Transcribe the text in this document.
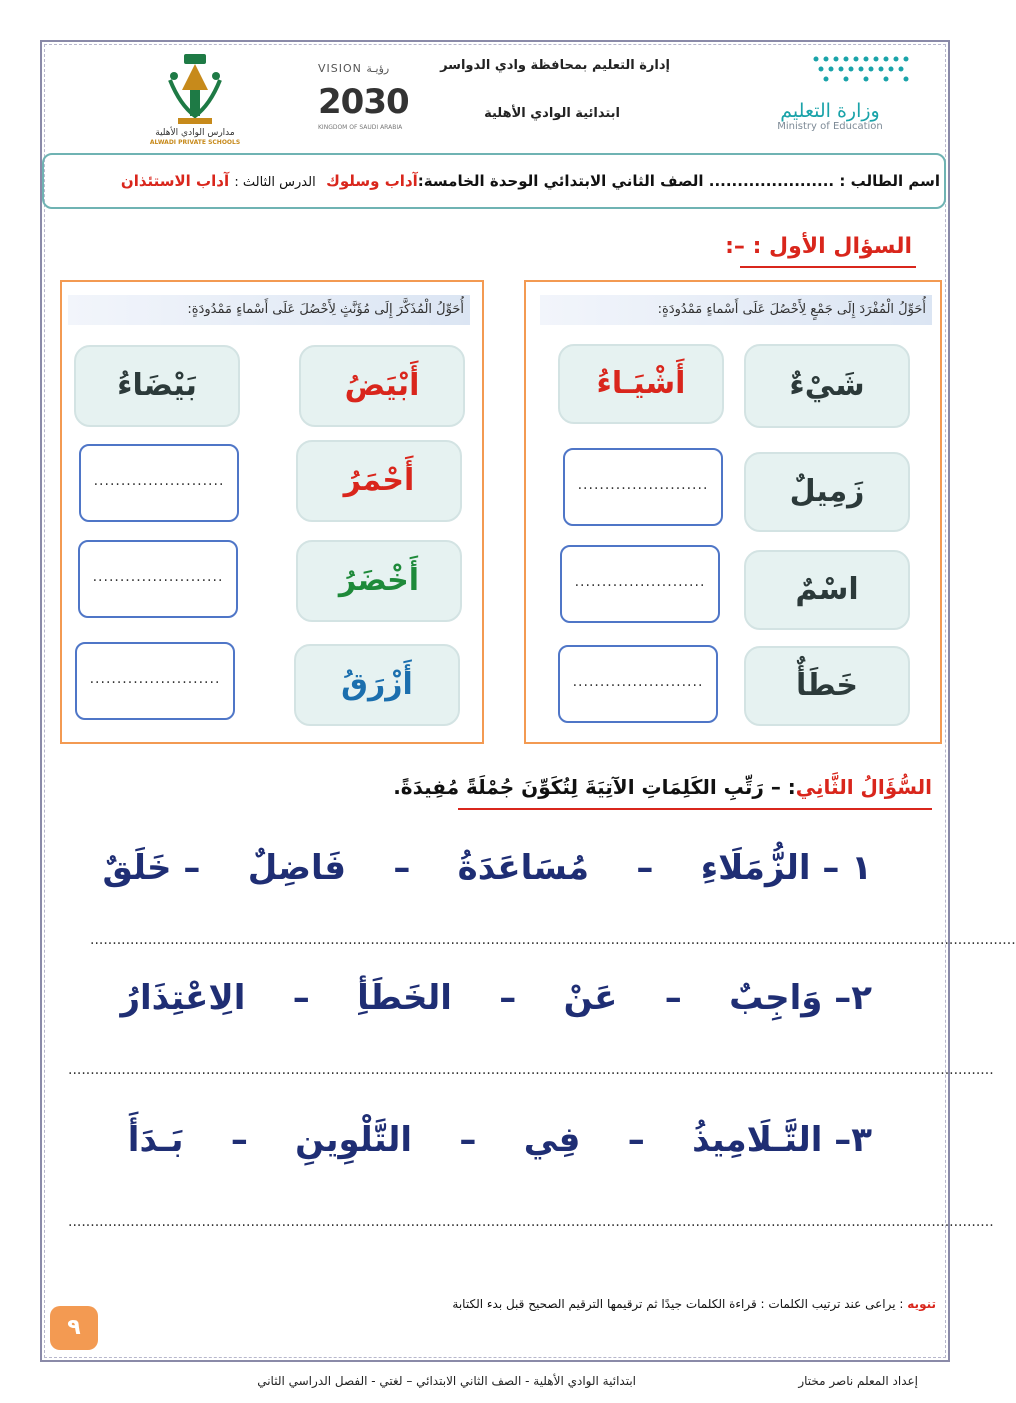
وزارة التعليم
Ministry of Education
إدارة التعليم بمحافظة وادي الدواسر
ابتدائية الوادي الأهلية
VISION رؤيـة
2030
KINGDOM OF SAUDI ARABIA
مدارس الوادي الأهلية
ALWADI PRIVATE SCHOOLS
اسم الطالب : ...................... الصف الثاني الابتدائي الوحدة الخامسة:آداب وسلوك  الدرس الثالث : آداب الاستئذان
السؤال الأول : –:
أُحَوِّلُ الْمُفْرَدَ إِلَى جَمْعٍ لِأَحْصُلَ عَلَى أَسْماءٍ مَمْدُودَةٍ:
شَيْءٌ
أَشْيَـاءُ
زَمِيلٌ
........................
اسْمٌ
........................
خَطَأٌ
........................
أُحَوِّلُ الْمُذَكَّرَ إِلَى مُؤَنَّثٍ لِأَحْصُلَ عَلَى أَسْماءٍ مَمْدُودَةٍ:
أَبْيَضُ
بَيْضَاءُ
أَحْمَرُ
........................
أَخْضَرُ
........................
أَزْرَقُ
........................
السُّؤَالُ الثَّانِي: – رَتِّبِ الكَلِمَاتِ الآتِيَةَ لِتُكَوِّنَ جُمْلَةً مُفِيدَةً.
١ – الزُّمَلَاءِ    –    مُسَاعَدَةُ    –    فَاضِلٌ    – خَلَقٌ
................................................................................................................................................................................................................
٢– وَاجِبٌ    –    عَنْ    –    الخَطَأِ    –    الِاعْتِذَارُ
................................................................................................................................................................................................................
٣– التَّـلَامِيذُ    –    فِي    –    التَّلْوِينِ    –    بَـدَأَ
................................................................................................................................................................................................................
تنويه : يراعى عند ترتيب الكلمات : قراءة الكلمات جيدًا ثم ترقيمها الترقيم الصحيح قبل بدء الكتابة
٩
إعداد المعلم ناصر مختار
ابتدائية الوادي الأهلية - الصف الثاني الابتدائي – لغتي - الفصل الدراسي الثاني
